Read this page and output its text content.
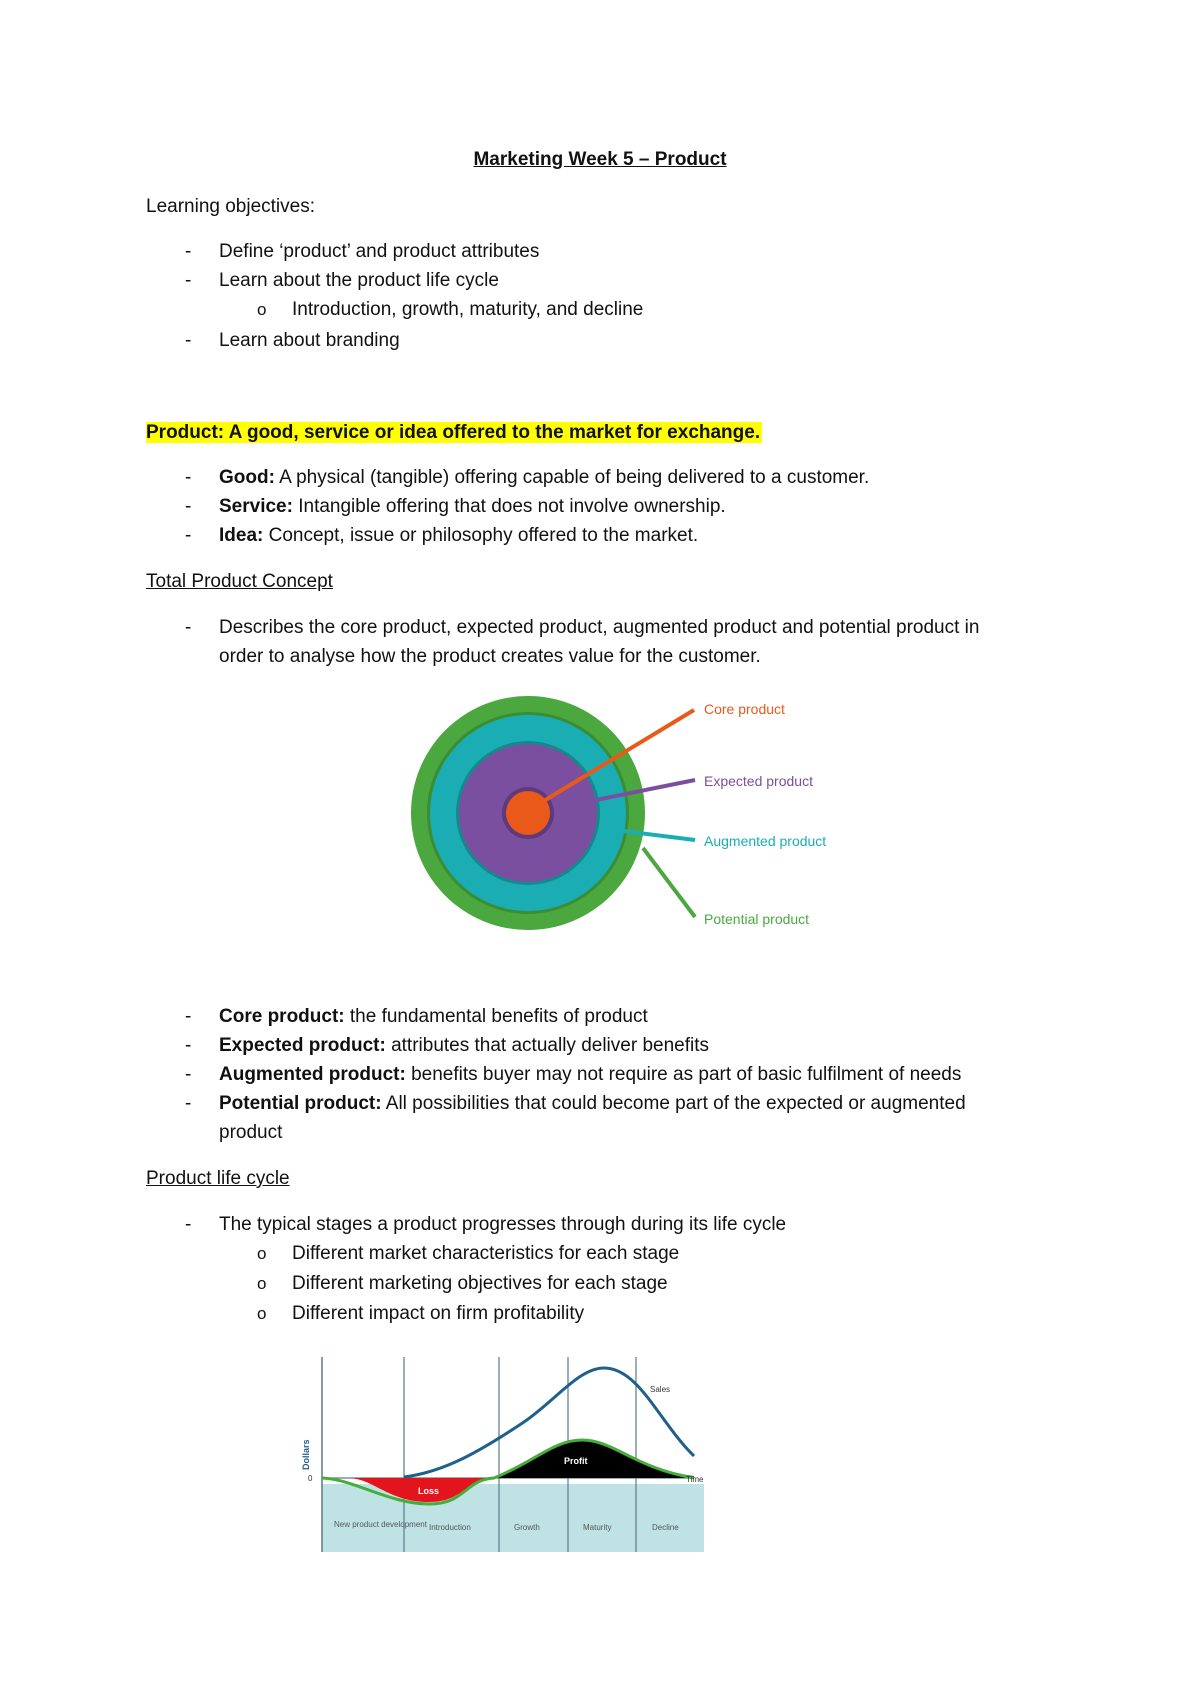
Marketing Week 5 – Product
Learning objectives:
- Define ‘product’ and product attributes
- Learn about the product life cycle
o Introduction, growth, maturity, and decline
- Learn about branding
Product: A good, service or idea offered to the market for exchange.
- Good: A physical (tangible) offering capable of being delivered to a customer.
- Service: Intangible offering that does not involve ownership.
- Idea: Concept, issue or philosophy offered to the market.
Total Product Concept
- Describes the core product, expected product, augmented product and potential product in
order to analyse how the product creates value for the customer.
Core product
Expected product
Augmented product
Potential product
- Core product: the fundamental benefits of product
- Expected product: attributes that actually deliver benefits
- Augmented product: benefits buyer may not require as part of basic fulfilment of needs
- Potential product: All possibilities that could become part of the expected or augmented
product
Product life cycle
- The typical stages a product progresses through during its life cycle
o Different market characteristics for each stage
o Different marketing objectives for each stage
o Different impact on firm profitability
Dollars
0	Time
Sales
Profit
Loss
New product development Introduction	Growth	Maturity	Decline
